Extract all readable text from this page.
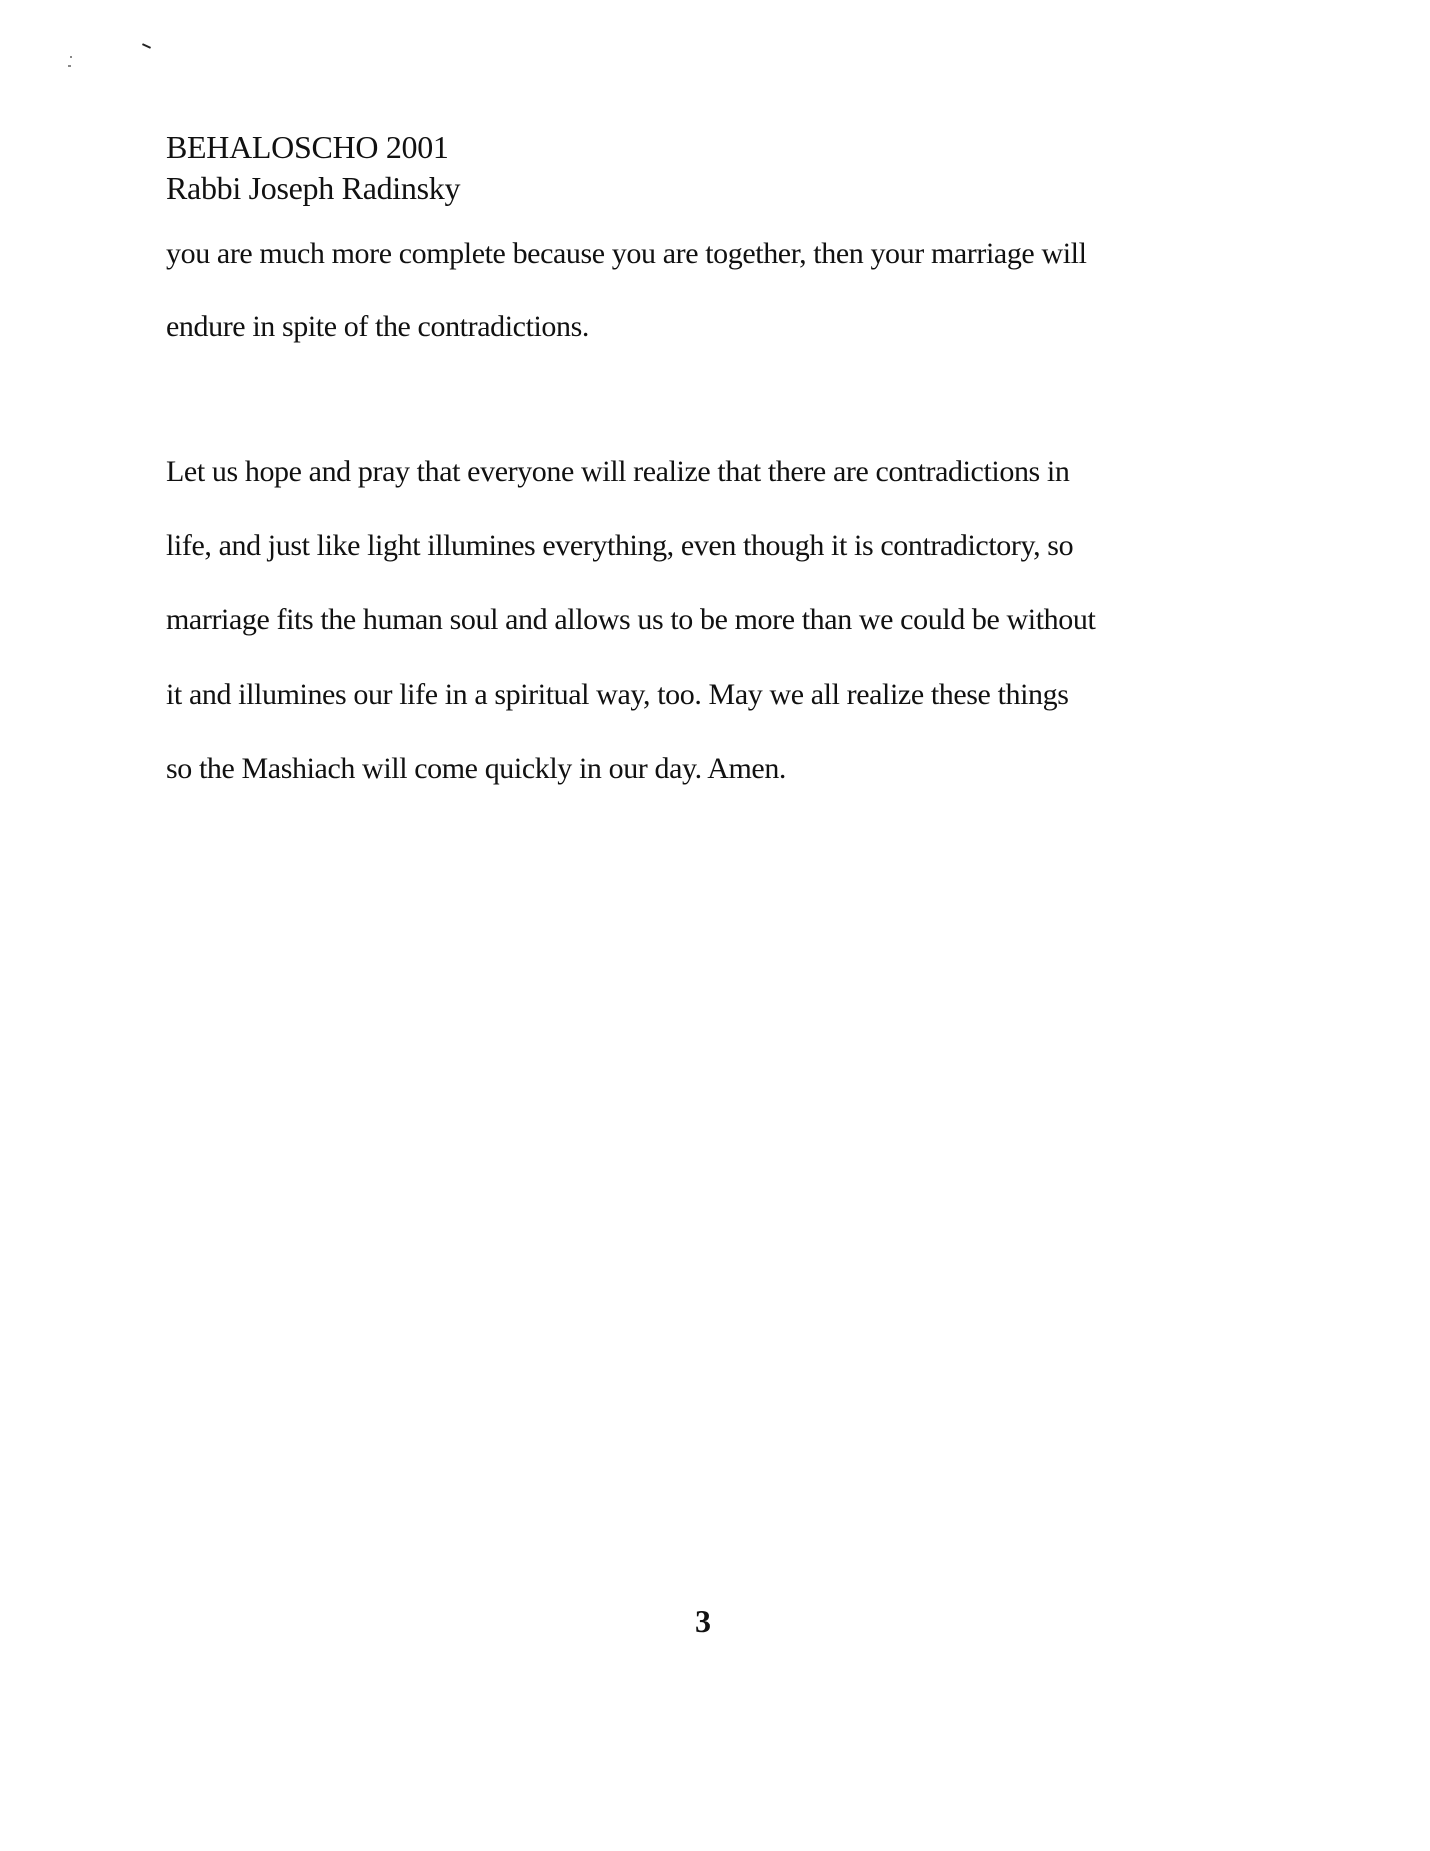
BEHALOSCHO 2001
Rabbi Joseph Radinsky
you are much more complete because you are together, then your marriage will
endure in spite of the contradictions.
Let us hope and pray that everyone will realize that there are contradictions in
life, and just like light illumines everything, even though it is contradictory, so
marriage fits the human soul and allows us to be more than we could be without
it and illumines our life in a spiritual way, too. May we all realize these things
so the Mashiach will come quickly in our day. Amen.
3
